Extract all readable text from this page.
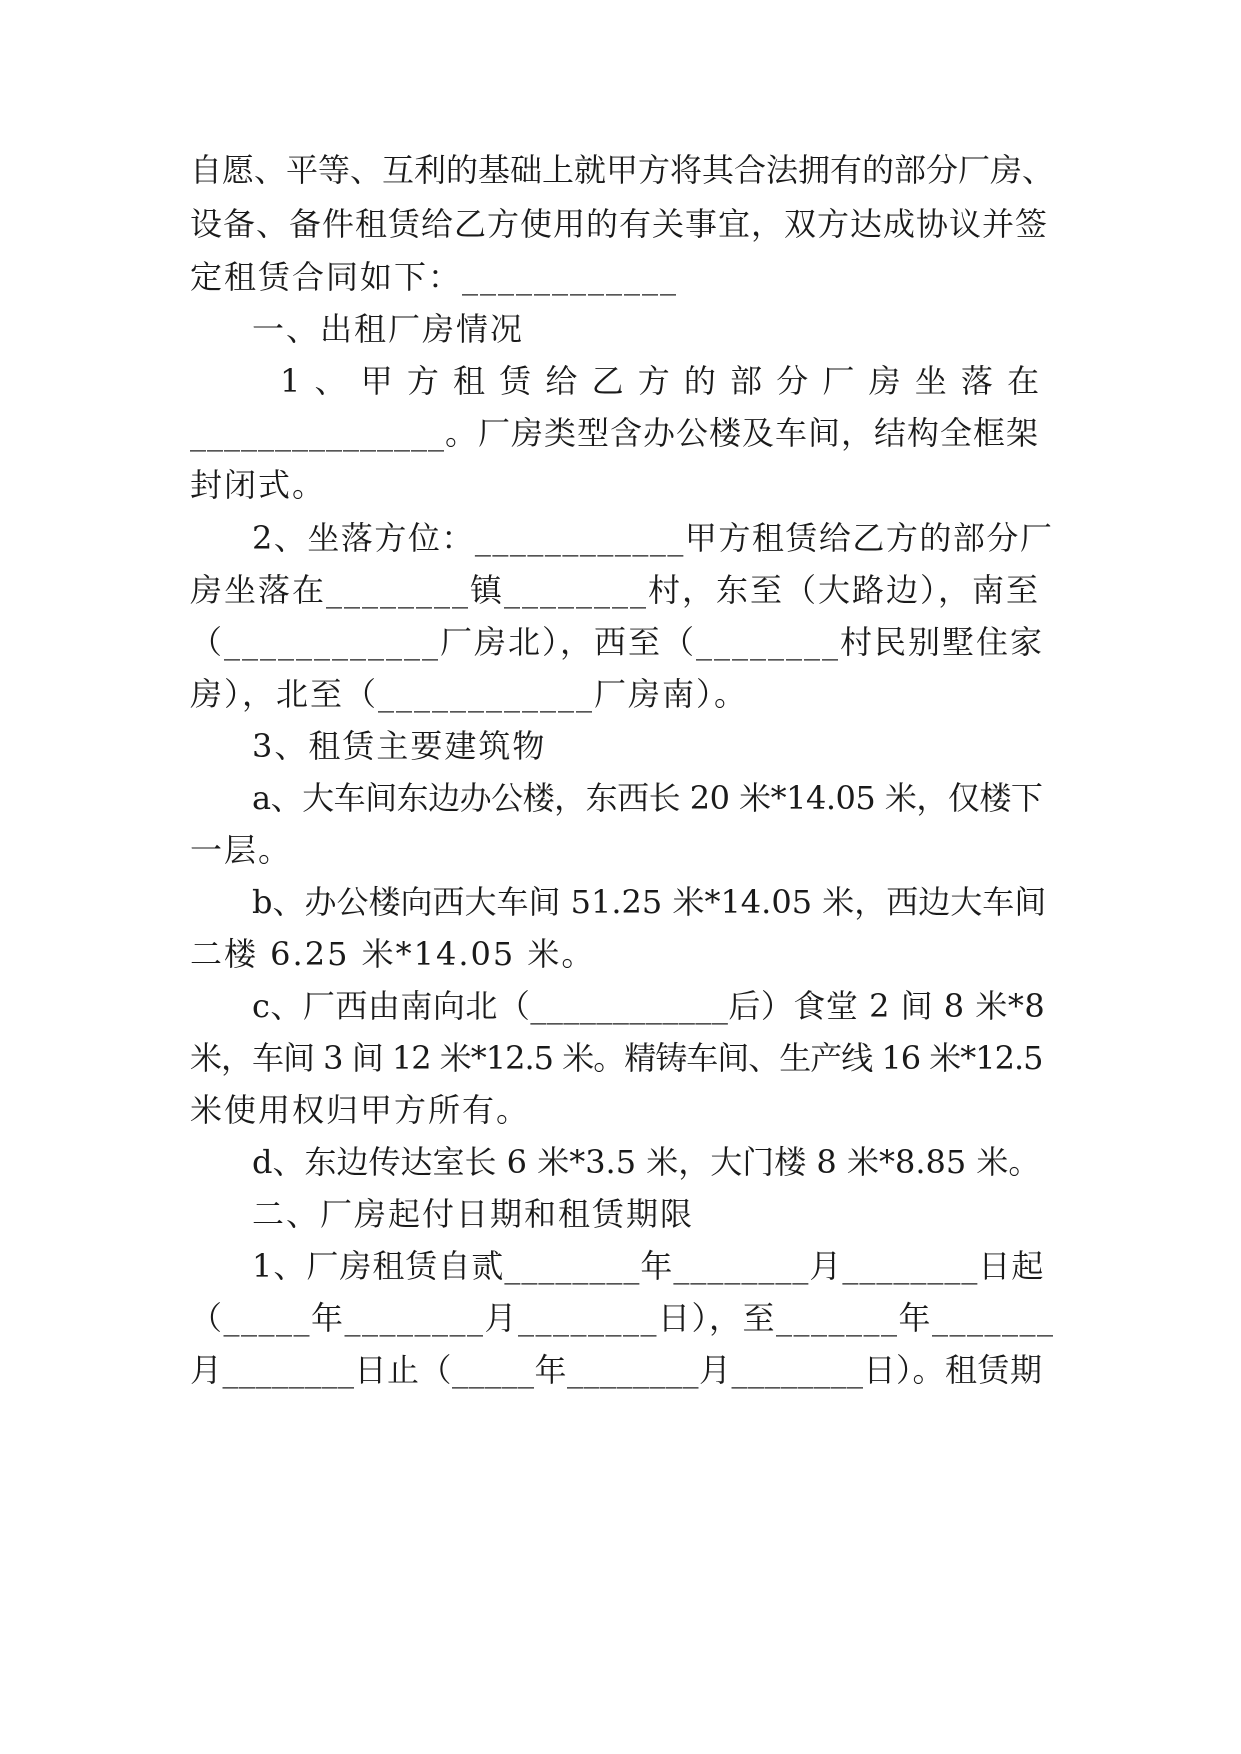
自愿、平等、互利的基础上就甲方将其合法拥有的部分厂房、
设备、备件租赁给乙方使用的有关事宜，双方达成协议并签
定租赁合同如下：____________
一、出租厂房情况
1 、 甲 方 租 赁 给 乙 方 的 部 分 厂 房 坐 落 在
_______________。厂房类型含办公楼及车间，结构全框架
封闭式。
2、坐落方位：____________甲方租赁给乙方的部分厂
房坐落在________镇________村，东至（大路边），南至
（____________厂房北），西至（________村民别墅住家
房），北至（____________厂房南）。
3、租赁主要建筑物
a、大车间东边办公楼，东西长 20 米*14.05 米，仅楼下
一层。
b、办公楼向西大车间 51.25 米*14.05 米，西边大车间
二楼 6.25 米*14.05 米。
c、厂西由南向北（____________后）食堂 2 间 8 米*8
米，车间 3 间 12 米*12.5 米。精铸车间、生产线 16 米*12.5
米使用权归甲方所有。
d、东边传达室长 6 米*3.5 米，大门楼 8 米*8.85 米。
二、厂房起付日期和租赁期限
1、厂房租赁自贰________年________月________日起
（_____年________月________日），至_______年_______
月________日止（_____年________月________日）。租赁期
